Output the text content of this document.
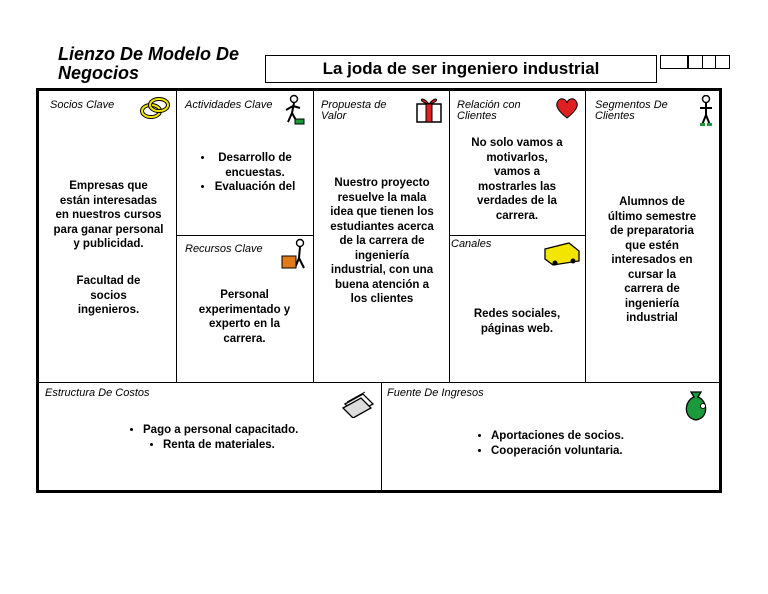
Lienzo De Modelo De
Negocios	La joda de ser ingeniero industrial
Socios Clave
Empresas que están interesadas en nuestros cursos para ganar personal y publicidad.
Facultad de socios ingenieros.
Actividades Clave
• Desarrollo de encuestas.
• Evaluación del
Recursos Clave
Personal experimentado y experto en la carrera.
Propuesta de Valor
Nuestro proyecto resuelve la mala idea que tienen los estudiantes acerca de la carrera de ingeniería industrial, con una buena atención a los clientes
Relación con Clientes
No solo vamos a motivarlos, vamos a mostrarles las verdades de la carrera.
Canales
Redes sociales, páginas web.
Segmentos De Clientes
Alumnos de último semestre de preparatoria que estén interesados en cursar la carrera de ingeniería industrial
Estructura De Costos
• Pago a personal capacitado.
• Renta de materiales.
Fuente De Ingresos
• Aportaciones de socios.
• Cooperación voluntaria.
